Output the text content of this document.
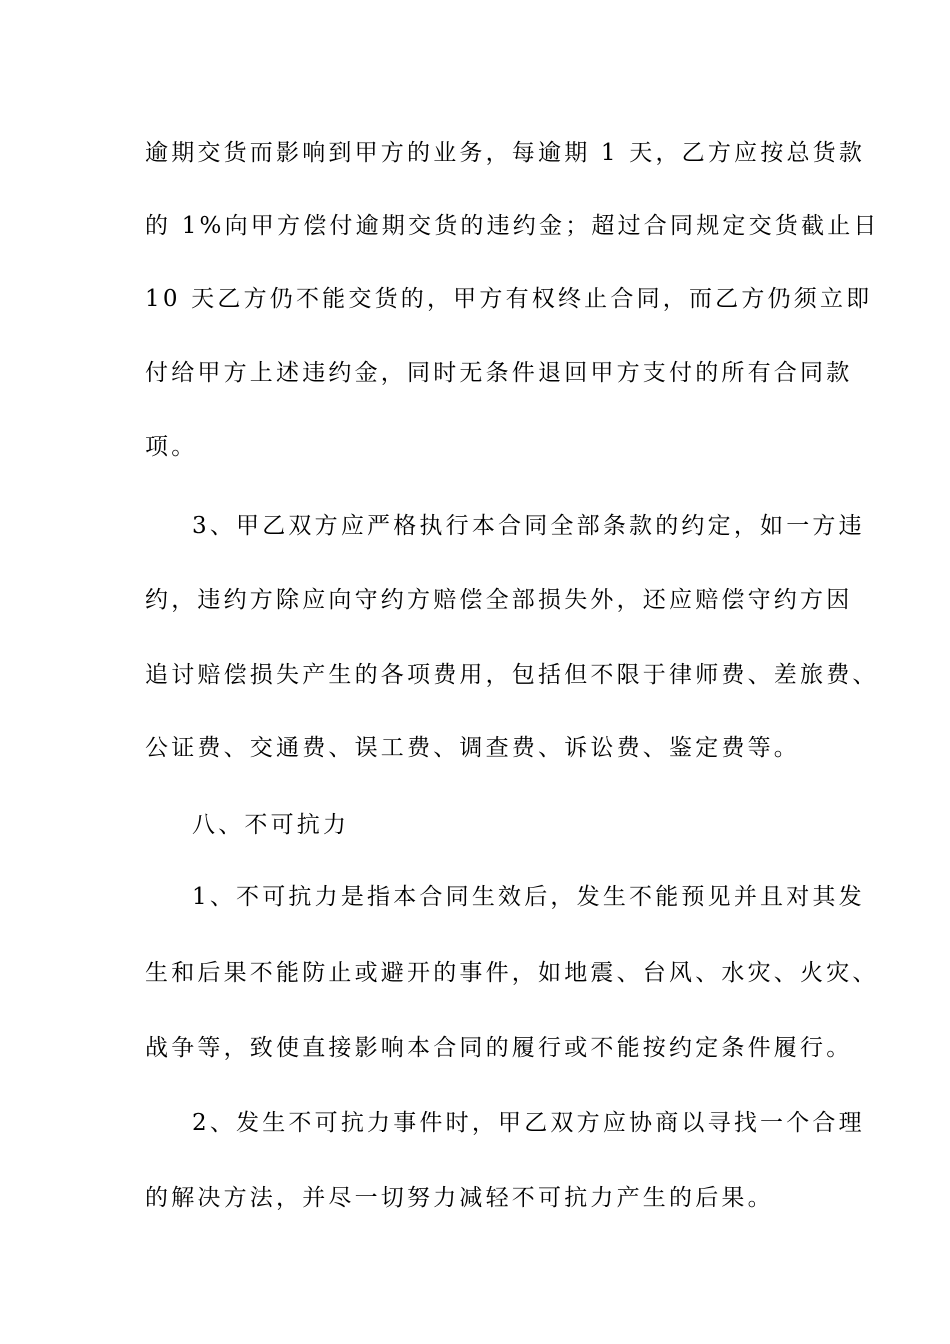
逾期交货而影响到甲方的业务，每逾期 1 天，乙方应按总货款
的 1%向甲方偿付逾期交货的违约金；超过合同规定交货截止日
10 天乙方仍不能交货的，甲方有权终止合同，而乙方仍须立即
付给甲方上述违约金，同时无条件退回甲方支付的所有合同款
项。
3、甲乙双方应严格执行本合同全部条款的约定，如一方违
约，违约方除应向守约方赔偿全部损失外，还应赔偿守约方因
追讨赔偿损失产生的各项费用，包括但不限于律师费、差旅费、
公证费、交通费、误工费、调查费、诉讼费、鉴定费等。
八、不可抗力
1、不可抗力是指本合同生效后，发生不能预见并且对其发
生和后果不能防止或避开的事件，如地震、台风、水灾、火灾、
战争等，致使直接影响本合同的履行或不能按约定条件履行。
2、发生不可抗力事件时，甲乙双方应协商以寻找一个合理
的解决方法，并尽一切努力减轻不可抗力产生的后果。
